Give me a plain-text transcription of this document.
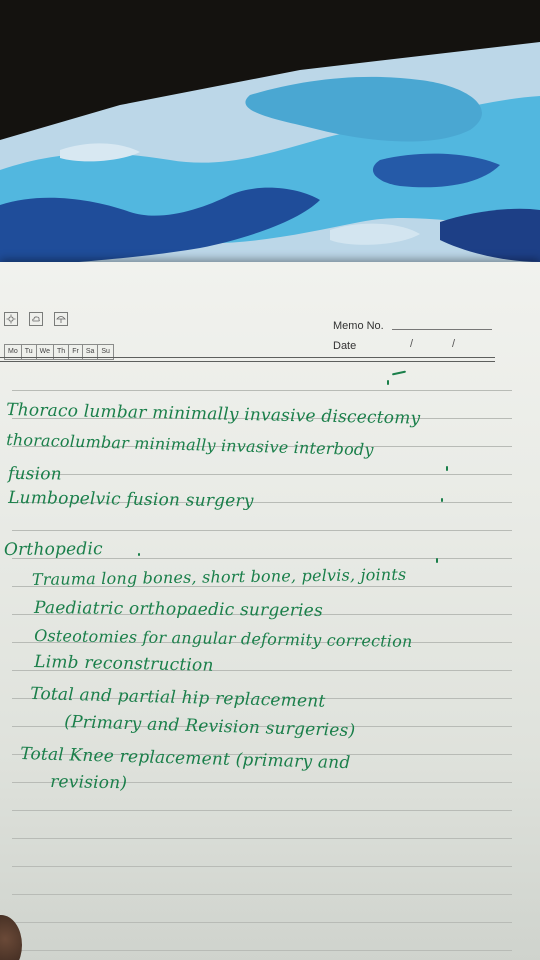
Mo	Tu	We	Th	Fr	Sa	Su
Memo No.
Date	/	/
Thoraco lumbar minimally invasive discectomy
thoracolumbar minimally invasive interbody
fusion
Lumbopelvic fusion surgery
Orthopedic
Trauma long bones, short bone, pelvis, joints
Paediatric orthopaedic surgeries
Osteotomies for angular deformity correction
Limb reconstruction
Total and partial hip replacement
(Primary and Revision surgeries)
Total Knee replacement (primary and
revision)
